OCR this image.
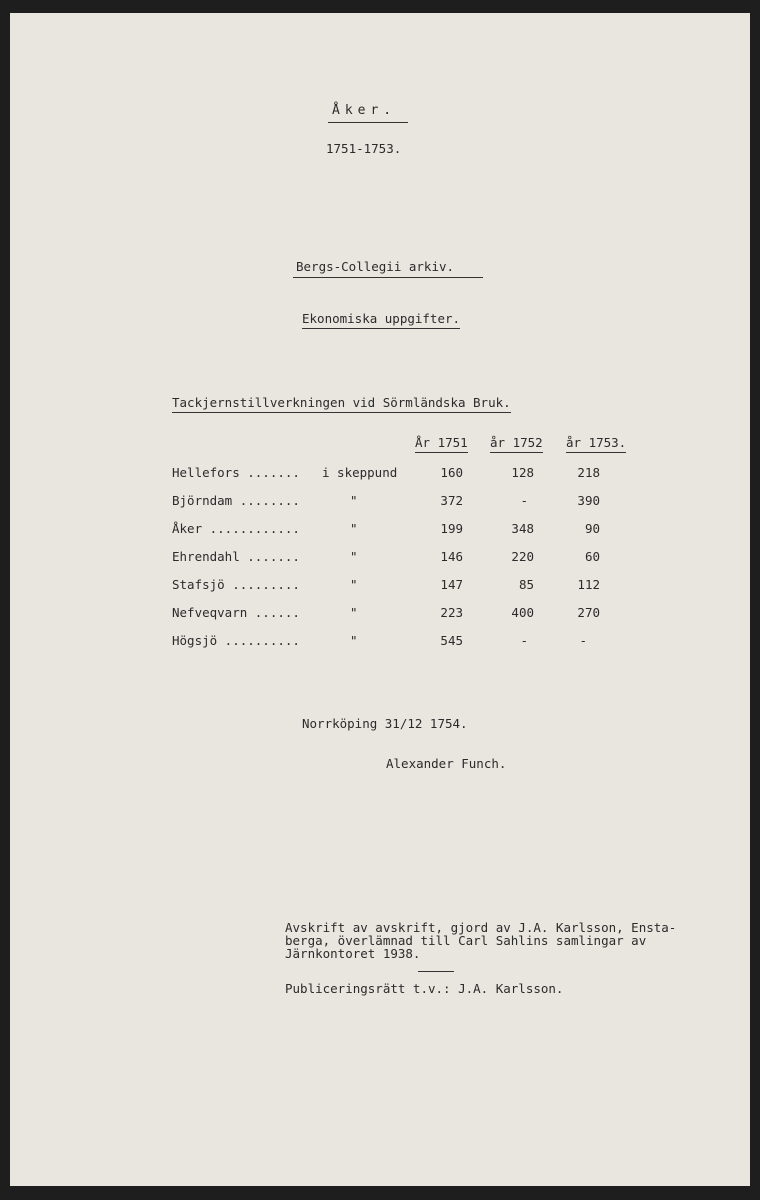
Åker.
1751-1753.
Bergs-Collegii arkiv.
Ekonomiska uppgifter.
Tackjernstillverkningen vid Sörmländska Bruk.
År 1751 år 1752 år 1753.
Hellefors ....... i skeppund	160	128	218
Björndam ........	"	372	-	390
Åker ............	"	199	348	90
Ehrendahl .......	"	146	220	60
Stafsjö .........	"	147	85	112
Nefveqvarn ......	"	223	400	270
Högsjö ..........	"	545	-	-
Norrköping 31/12 1754.
Alexander Funch.
Avskrift av avskrift, gjord av J.A. Karlsson, Ensta-
berga, överlämnad till Carl Sahlins samlingar av
Järnkontoret 1938.
Publiceringsrätt t.v.: J.A. Karlsson.
